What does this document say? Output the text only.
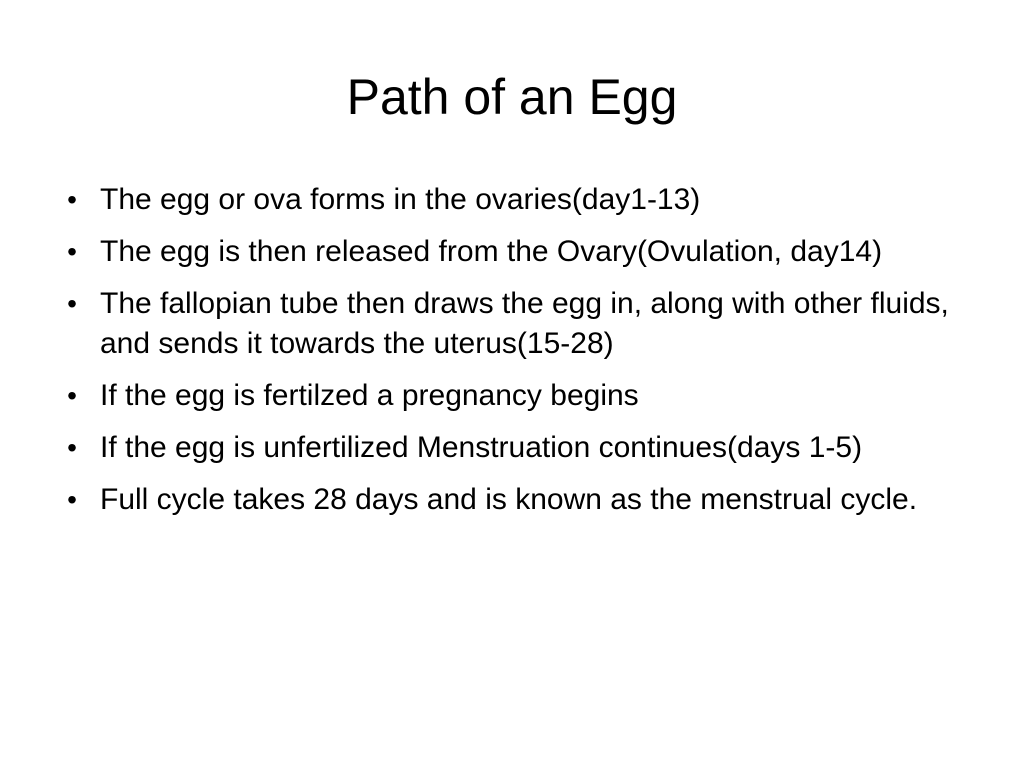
Path of an Egg
• The egg or ova forms in the ovaries(day1-13)
• The egg is then released from the Ovary(Ovulation, day14)
• The fallopian tube then draws the egg in, along with other fluids, and sends it towards the uterus(15-28)
• If the egg is fertilzed a pregnancy begins
• If the egg is unfertilized Menstruation continues(days 1-5)
• Full cycle takes 28 days and is known as the menstrual cycle.
